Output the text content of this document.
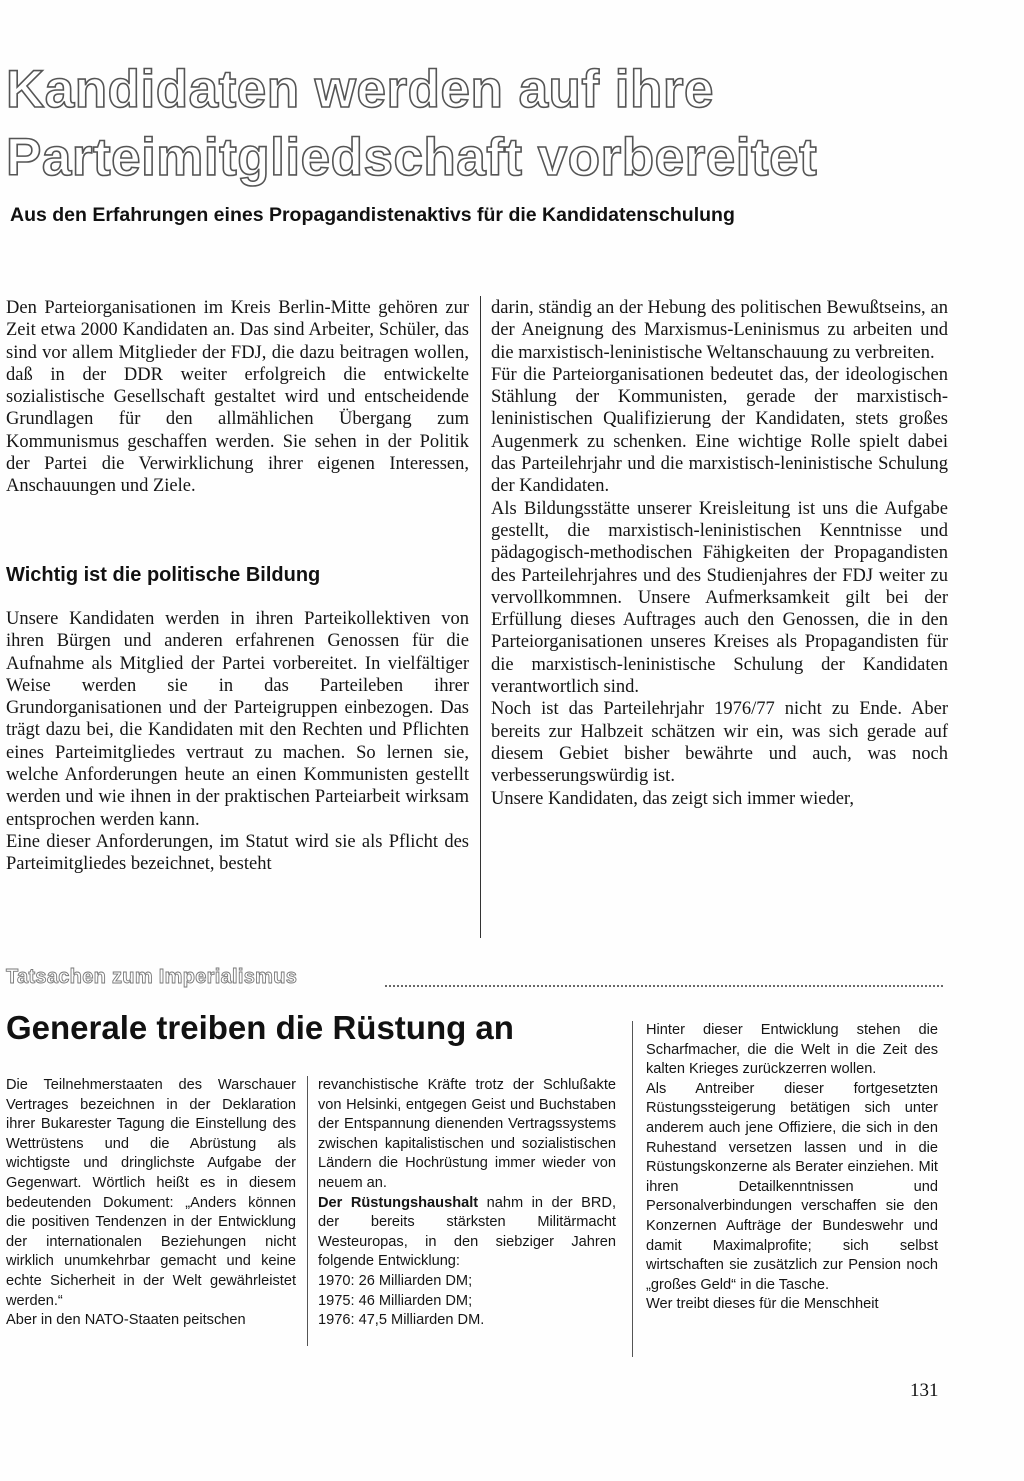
Kandidaten werden auf ihre Parteimitgliedschaft vorbereitet
Aus den Erfahrungen eines Propagandistenaktivs für die Kandidatenschulung

Den Parteiorganisationen im Kreis Berlin-Mitte gehören zur Zeit etwa 2000 Kandidaten an. Das sind Arbeiter, Schüler, das sind vor allem Mitglieder der FDJ, die dazu beitragen wollen, daß in der DDR weiter erfolgreich die entwickelte sozialistische Gesellschaft gestaltet wird und entscheidende Grundlagen für den allmählichen Übergang zum Kommunismus geschaffen werden. Sie sehen in der Politik der Partei die Verwirklichung ihrer eigenen Interessen, Anschauungen und Ziele.

Wichtig ist die politische Bildung

Unsere Kandidaten werden in ihren Parteikollektiven von ihren Bürgen und anderen erfahrenen Genossen für die Aufnahme als Mitglied der Partei vorbereitet. In vielfältiger Weise werden sie in das Parteileben ihrer Grundorganisationen und der Parteigruppen einbezogen. Das trägt dazu bei, die Kandidaten mit den Rechten und Pflichten eines Parteimitgliedes vertraut zu machen. So lernen sie, welche Anforderungen heute an einen Kommunisten gestellt werden und wie ihnen in der praktischen Parteiarbeit wirksam entsprochen werden kann.

Eine dieser Anforderungen, im Statut wird sie als Pflicht des Parteimitgliedes bezeichnet, besteht

darin, ständig an der Hebung des politischen Bewußtseins, an der Aneignung des Marxismus-Leninismus zu arbeiten und die marxistisch-leninistische Weltanschauung zu verbreiten.

Für die Parteiorganisationen bedeutet das, der ideologischen Stählung der Kommunisten, gerade der marxistisch-leninistischen Qualifizierung der Kandidaten, stets großes Augenmerk zu schenken. Eine wichtige Rolle spielt dabei das Parteilehrjahr und die marxistisch-leninistische Schulung der Kandidaten.

Als Bildungsstätte unserer Kreisleitung ist uns die Aufgabe gestellt, die marxistisch-leninistischen Kenntnisse und pädagogisch-methodischen Fähigkeiten der Propagandisten des Parteilehrjahres und des Studienjahres der FDJ weiter zu vervollkommnen. Unsere Aufmerksamkeit gilt bei der Erfüllung dieses Auftrages auch den Genossen, die in den Parteiorganisationen unseres Kreises als Propagandisten für die marxistisch-leninistische Schulung der Kandidaten verantwortlich sind.

Noch ist das Parteilehrjahr 1976/77 nicht zu Ende. Aber bereits zur Halbzeit schätzen wir ein, was sich gerade auf diesem Gebiet bisher bewährte und auch, was noch verbesserungswürdig ist.

Unsere Kandidaten, das zeigt sich immer wieder,

Tatsachen zum Imperialismus
Generale treiben die Rüstung an

Die Teilnehmerstaaten des Warschauer Vertrages bezeichnen in der Deklaration ihrer Bukarester Tagung die Einstellung des Wettrüstens und die Abrüstung als wichtigste und dringlichste Aufgabe der Gegenwart. Wörtlich heißt es in diesem bedeutenden Dokument: „Anders können die positiven Tendenzen in der Entwicklung der internationalen Beziehungen nicht wirklich unumkehrbar gemacht und keine echte Sicherheit in der Welt gewährleistet werden.“

Aber in den NATO-Staaten peitschen

revanchistische Kräfte trotz der Schlußakte von Helsinki, entgegen Geist und Buchstaben der Entspannung dienenden Vertragssystems zwischen kapitalistischen und sozialistischen Ländern die Hochrüstung immer wieder von neuem an.

Der Rüstungshaushalt nahm in der BRD, der bereits stärksten Militärmacht Westeuropas, in den siebziger Jahren folgende Entwicklung:

1970: 26 Milliarden DM;

1975: 46 Milliarden DM;

1976: 47,5 Milliarden DM.

Hinter dieser Entwicklung stehen die Scharfmacher, die die Welt in die Zeit des kalten Krieges zurückzerren wollen.

Als Antreiber dieser fortgesetzten Rüstungssteigerung betätigen sich unter anderem auch jene Offiziere, die sich in den Ruhestand versetzen lassen und in die Rüstungskonzerne als Berater einziehen. Mit ihren Detailkenntnissen und Personalverbindungen verschaffen sie den Konzernen Aufträge der Bundeswehr und damit Maximalprofite; sich selbst wirtschaften sie zusätzlich zur Pension noch „großes Geld“ in die Tasche.

Wer treibt dieses für die Menschheit

131
